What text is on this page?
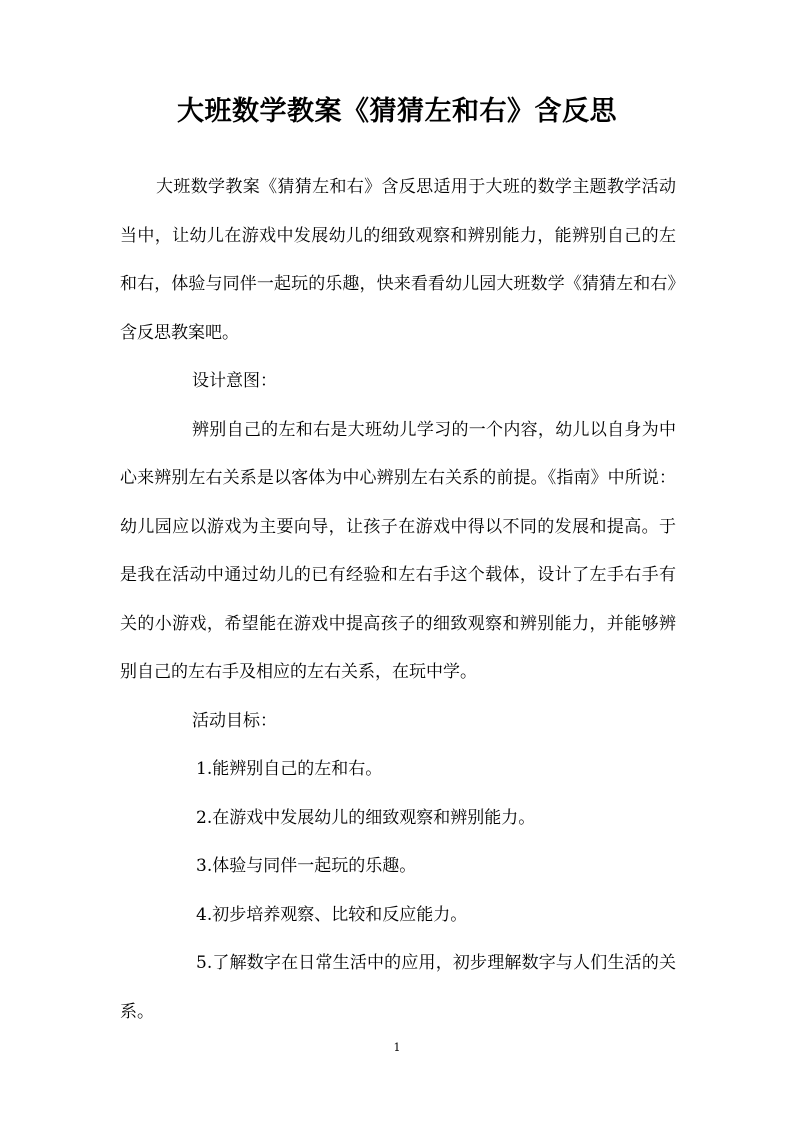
大班数学教案《猜猜左和右》含反思

大班数学教案《猜猜左和右》含反思适用于大班的数学主题教学活动当中，让幼儿在游戏中发展幼儿的细致观察和辨别能力，能辨别自己的左和右，体验与同伴一起玩的乐趣，快来看看幼儿园大班数学《猜猜左和右》含反思教案吧。

设计意图：

辨别自己的左和右是大班幼儿学习的一个内容，幼儿以自身为中心来辨别左右关系是以客体为中心辨别左右关系的前提。《指南》中所说：幼儿园应以游戏为主要向导，让孩子在游戏中得以不同的发展和提高。于是我在活动中通过幼儿的已有经验和左右手这个载体，设计了左手右手有关的小游戏，希望能在游戏中提高孩子的细致观察和辨别能力，并能够辨别自己的左右手及相应的左右关系，在玩中学。

活动目标：

1.能辨别自己的左和右。

2.在游戏中发展幼儿的细致观察和辨别能力。

3.体验与同伴一起玩的乐趣。

4.初步培养观察、比较和反应能力。

5.了解数字在日常生活中的应用，初步理解数字与人们生活的关系。

1
